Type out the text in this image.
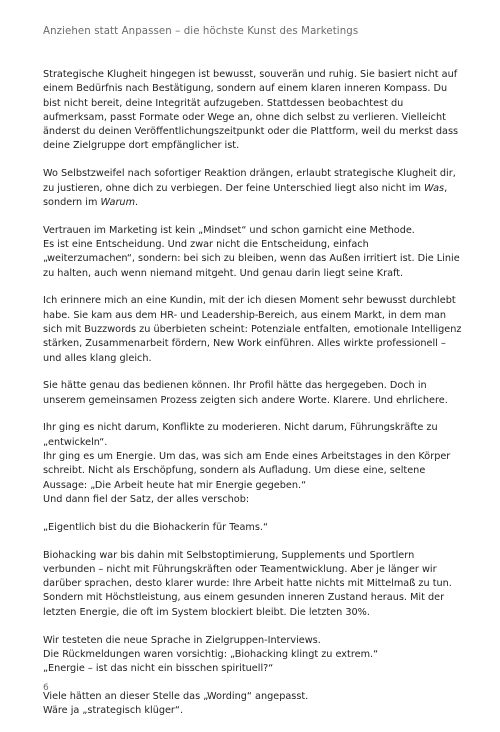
Anziehen statt Anpassen – die höchste Kunst des Marketings

Strategische Klugheit hingegen ist bewusst, souverän und ruhig. Sie basiert nicht auf einem Bedürfnis nach Bestätigung, sondern auf einem klaren inneren Kompass. Du bist nicht bereit, deine Integrität aufzugeben. Stattdessen beobachtest du aufmerksam, passt Formate oder Wege an, ohne dich selbst zu verlieren. Vielleicht änderst du deinen Veröffentlichungszeitpunkt oder die Plattform, weil du merkst dass deine Zielgruppe dort empfänglicher ist.

Wo Selbstzweifel nach sofortiger Reaktion drängen, erlaubt strategische Klugheit dir, zu justieren, ohne dich zu verbiegen. Der feine Unterschied liegt also nicht im Was, sondern im Warum.

Vertrauen im Marketing ist kein „Mindset“ und schon garnicht eine Methode.
Es ist eine Entscheidung. Und zwar nicht die Entscheidung, einfach „weiterzumachen“, sondern: bei sich zu bleiben, wenn das Außen irritiert ist. Die Linie zu halten, auch wenn niemand mitgeht. Und genau darin liegt seine Kraft.

Ich erinnere mich an eine Kundin, mit der ich diesen Moment sehr bewusst durchlebt habe. Sie kam aus dem HR- und Leadership-Bereich, aus einem Markt, in dem man sich mit Buzzwords zu überbieten scheint: Potenziale entfalten, emotionale Intelligenz stärken, Zusammenarbeit fördern, New Work einführen. Alles wirkte professionell – und alles klang gleich.

Sie hätte genau das bedienen können. Ihr Profil hätte das hergegeben. Doch in unserem gemeinsamen Prozess zeigten sich andere Worte. Klarere. Und ehrlichere.

Ihr ging es nicht darum, Konflikte zu moderieren. Nicht darum, Führungskräfte zu „entwickeln“.
Ihr ging es um Energie. Um das, was sich am Ende eines Arbeitstages in den Körper schreibt. Nicht als Erschöpfung, sondern als Aufladung. Um diese eine, seltene Aussage: „Die Arbeit heute hat mir Energie gegeben.“
Und dann fiel der Satz, der alles verschob:

„Eigentlich bist du die Biohackerin für Teams.“

Biohacking war bis dahin mit Selbstoptimierung, Supplements und Sportlern verbunden – nicht mit Führungskräften oder Teamentwicklung. Aber je länger wir darüber sprachen, desto klarer wurde: Ihre Arbeit hatte nichts mit Mittelmaß zu tun. Sondern mit Höchstleistung, aus einem gesunden inneren Zustand heraus. Mit der letzten Energie, die oft im System blockiert bleibt. Die letzten 30%.

Wir testeten die neue Sprache in Zielgruppen-Interviews.
Die Rückmeldungen waren vorsichtig: „Biohacking klingt zu extrem.“
„Energie – ist das nicht ein bisschen spirituell?“

Viele hätten an dieser Stelle das „Wording“ angepasst.
Wäre ja „strategisch klüger“.

6
